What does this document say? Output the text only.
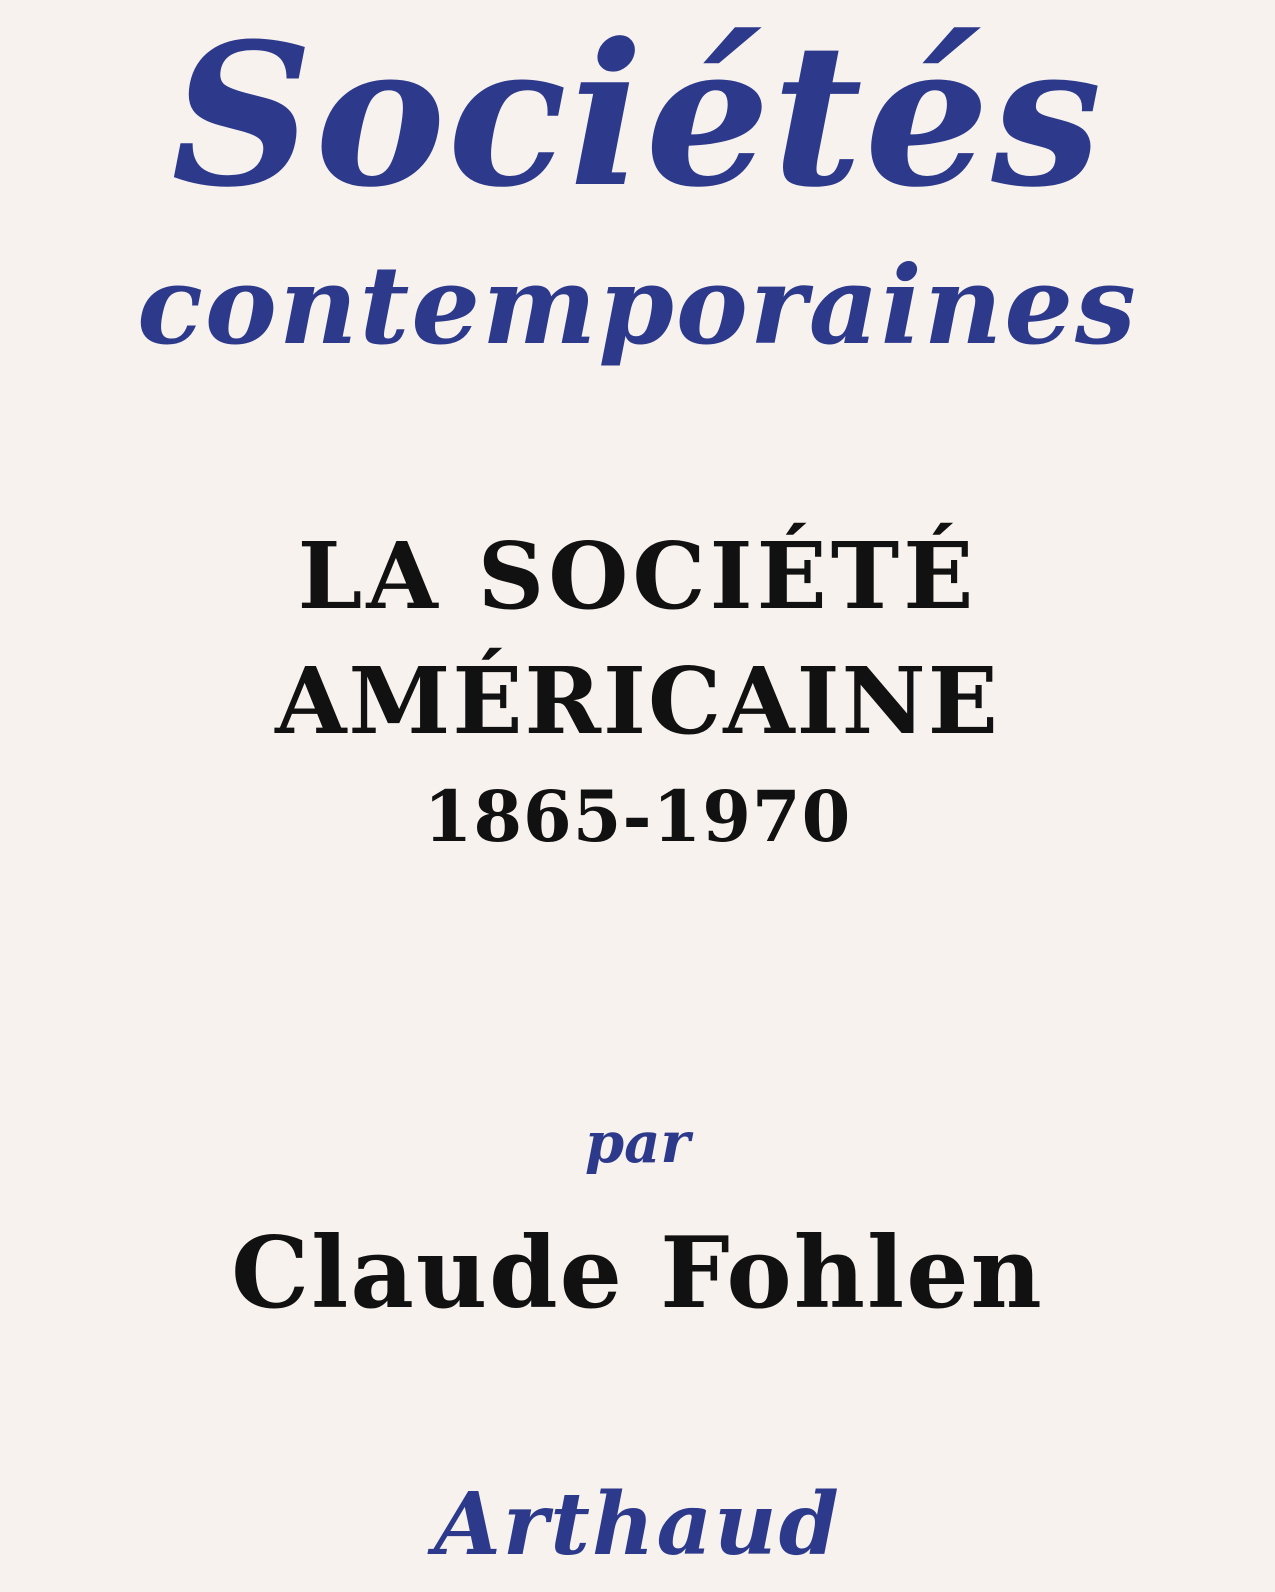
Sociétés
contemporaines
LA SOCIÉTÉ
AMÉRICAINE
1865-1970
par
Claude Fohlen
Arthaud
